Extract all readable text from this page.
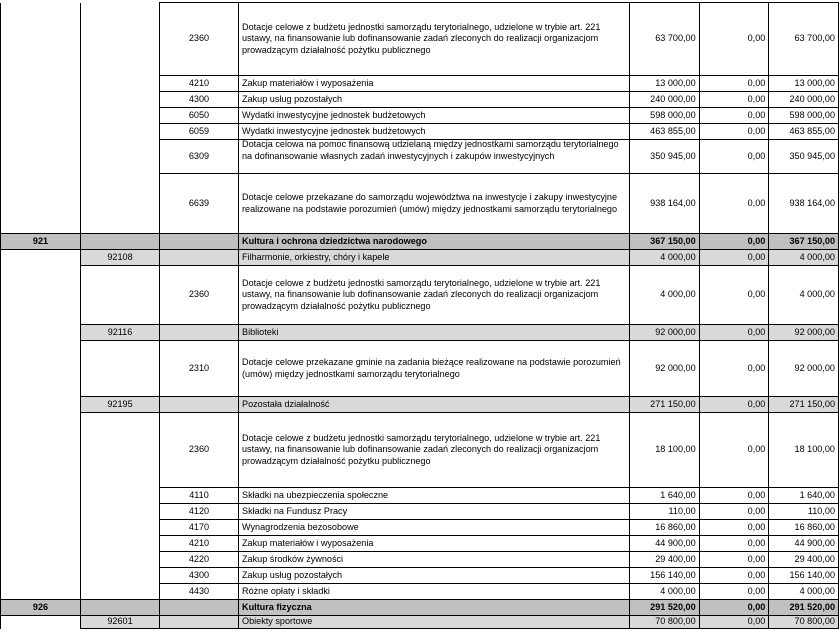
		2360	Dotacje celowe z budżetu jednostki samorządu terytorialnego, udzielone w trybie art. 221 ustawy, na finansowanie lub dofinansowanie zadań zleconych do realizacji organizacjom prowadzącym działalność pożytku publicznego	63 700,00	0,00	63 700,00
		4210	Zakup materiałów i wyposażenia	13 000,00	0,00	13 000,00
		4300	Zakup usług pozostałych	240 000,00	0,00	240 000,00
		6050	Wydatki inwestycyjne jednostek budżetowych	598 000,00	0,00	598 000,00
		6059	Wydatki inwestycyjne jednostek budżetowych	463 855,00	0,00	463 855,00
		6309	Dotacja celowa na pomoc finansową udzielaną między jednostkami samorządu terytorialnego na dofinansowanie własnych zadań inwestycyjnych i zakupów inwestycyjnych	350 945,00	0,00	350 945,00
		6639	Dotacje celowe przekazane do samorządu województwa na inwestycje i zakupy inwestycyjne realizowane na podstawie porozumień (umów) między jednostkami samorządu terytorialnego	938 164,00	0,00	938 164,00
921			Kultura i ochrona dziedzictwa narodowego	367 150,00	0,00	367 150,00
	92108		Filharmonie, orkiestry, chóry i kapele	4 000,00	0,00	4 000,00
		2360	Dotacje celowe z budżetu jednostki samorządu terytorialnego, udzielone w trybie art. 221 ustawy, na finansowanie lub dofinansowanie zadań zleconych do realizacji organizacjom prowadzącym działalność pożytku publicznego	4 000,00	0,00	4 000,00
	92116		Biblioteki	92 000,00	0,00	92 000,00
		2310	Dotacje celowe przekazane gminie na zadania bieżące realizowane na podstawie porozumień (umów) między jednostkami samorządu terytorialnego	92 000,00	0,00	92 000,00
	92195		Pozostała działalność	271 150,00	0,00	271 150,00
		2360	Dotacje celowe z budżetu jednostki samorządu terytorialnego, udzielone w trybie art. 221 ustawy, na finansowanie lub dofinansowanie zadań zleconych do realizacji organizacjom prowadzącym działalność pożytku publicznego	18 100,00	0,00	18 100,00
		4110	Składki na ubezpieczenia społeczne	1 640,00	0,00	1 640,00
		4120	Składki na Fundusz Pracy	110,00	0,00	110,00
		4170	Wynagrodzenia bezosobowe	16 860,00	0,00	16 860,00
		4210	Zakup materiałów i wyposażenia	44 900,00	0,00	44 900,00
		4220	Zakup środków żywności	29 400,00	0,00	29 400,00
		4300	Zakup usług pozostałych	156 140,00	0,00	156 140,00
		4430	Różne opłaty i składki	4 000,00	0,00	4 000,00
926			Kultura fizyczna	291 520,00	0,00	291 520,00
	92601		Obiekty sportowe	70 800,00	0,00	70 800,00
